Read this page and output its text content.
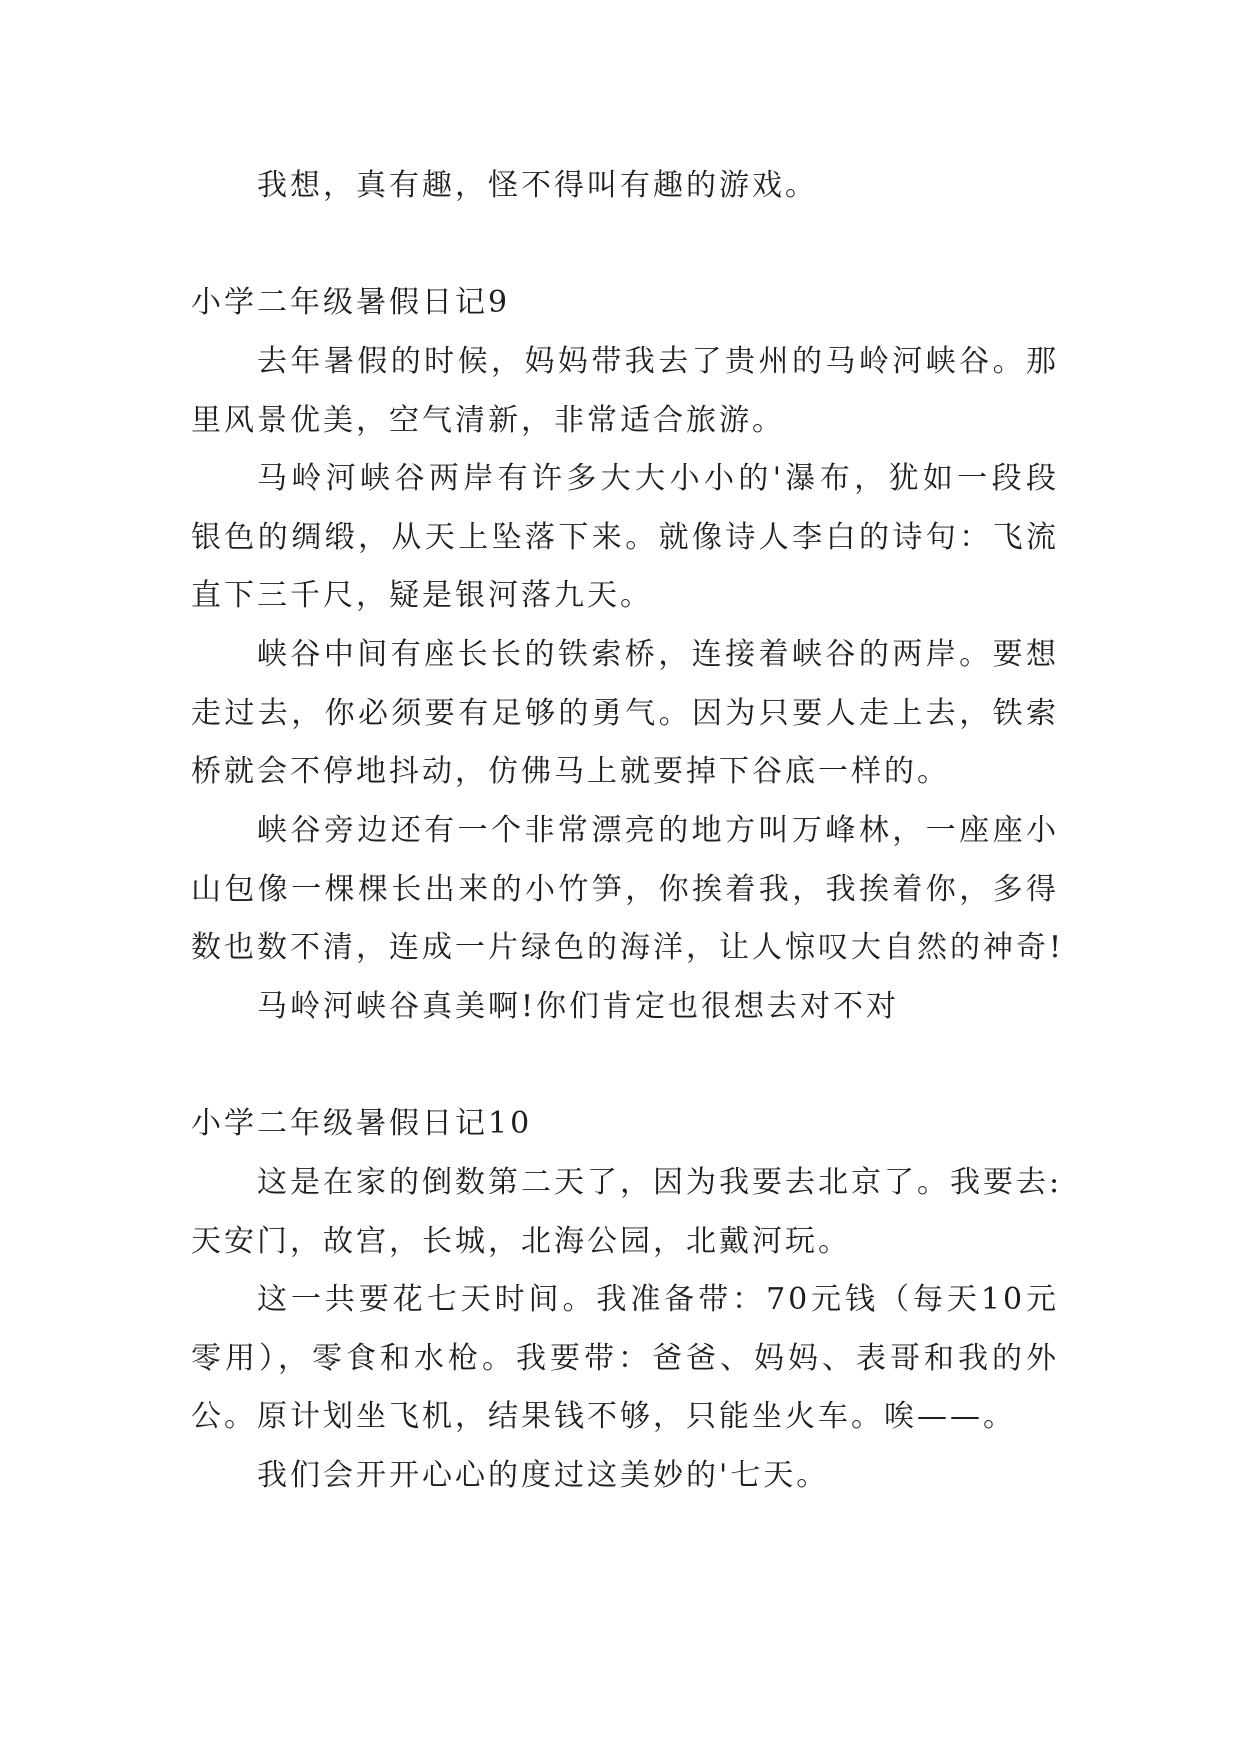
我想，真有趣，怪不得叫有趣的游戏。
小学二年级暑假日记9
去年暑假的时候，妈妈带我去了贵州的马岭河峡谷。那
里风景优美，空气清新，非常适合旅游。
马岭河峡谷两岸有许多大大小小的'瀑布，犹如一段段
银色的绸缎，从天上坠落下来。就像诗人李白的诗句：飞流
直下三千尺，疑是银河落九天。
峡谷中间有座长长的铁索桥，连接着峡谷的两岸。要想
走过去，你必须要有足够的勇气。因为只要人走上去，铁索
桥就会不停地抖动，仿佛马上就要掉下谷底一样的。
峡谷旁边还有一个非常漂亮的地方叫万峰林，一座座小
山包像一棵棵长出来的小竹笋，你挨着我，我挨着你，多得
数也数不清，连成一片绿色的海洋，让人惊叹大自然的神奇!
马岭河峡谷真美啊!你们肯定也很想去对不对
小学二年级暑假日记10
这是在家的倒数第二天了，因为我要去北京了。我要去:
天安门，故宫，长城，北海公园，北戴河玩。
这一共要花七天时间。我准备带：70元钱（每天10元
零用），零食和水枪。我要带：爸爸、妈妈、表哥和我的外
公。原计划坐飞机，结果钱不够，只能坐火车。唉——。
我们会开开心心的度过这美妙的'七天。
